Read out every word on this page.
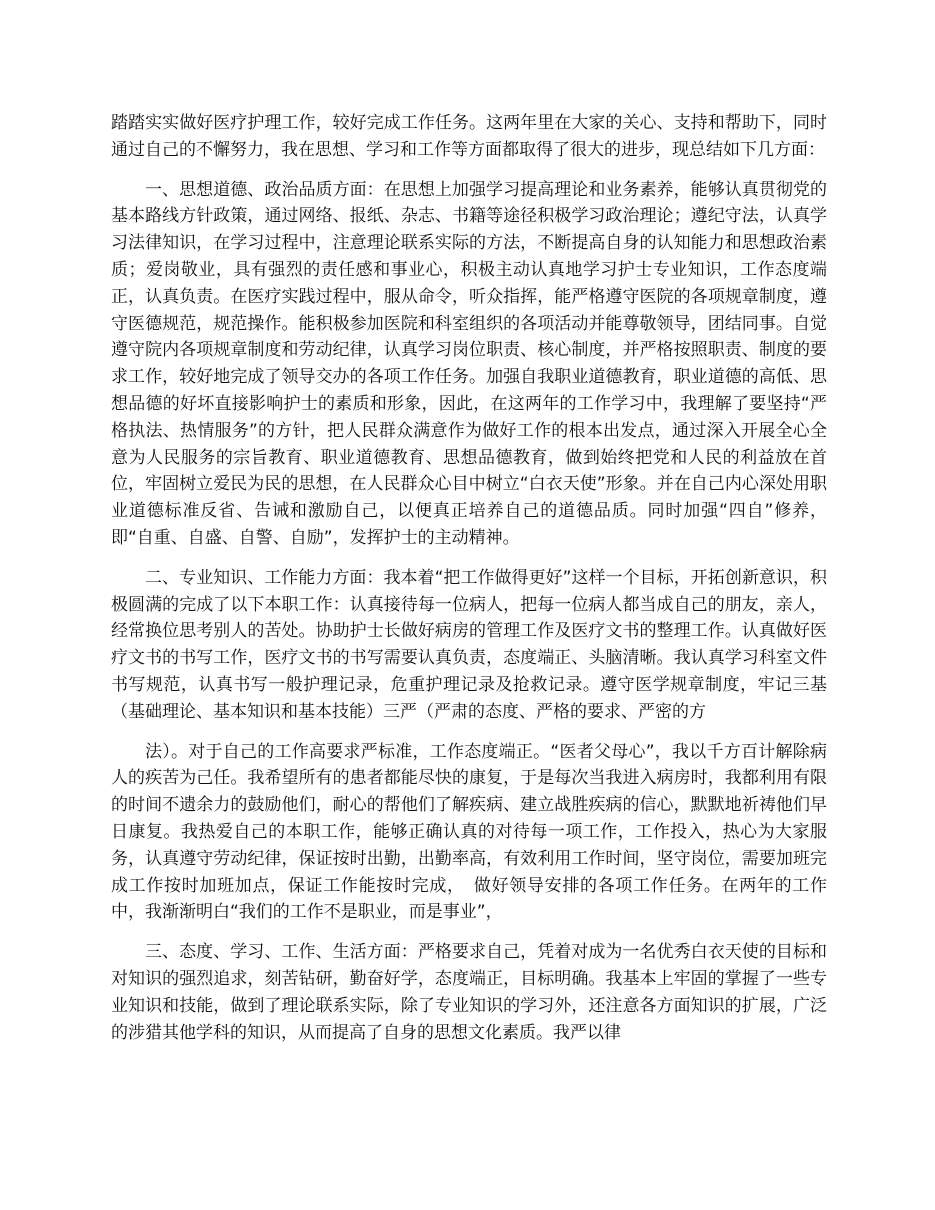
踏踏实实做好医疗护理工作，较好完成工作任务。这两年里在大家的关心、支持和帮助下，同时通过自己的不懈努力，我在思想、学习和工作等方面都取得了很大的进步，现总结如下几方面：

一、思想道德、政治品质方面：在思想上加强学习提高理论和业务素养，能够认真贯彻党的基本路线方针政策，通过网络、报纸、杂志、书籍等途径积极学习政治理论；遵纪守法，认真学习法律知识，在学习过程中，注意理论联系实际的方法，不断提高自身的认知能力和思想政治素质；爱岗敬业，具有强烈的责任感和事业心，积极主动认真地学习护士专业知识，工作态度端正，认真负责。在医疗实践过程中，服从命令，听众指挥，能严格遵守医院的各项规章制度，遵守医德规范，规范操作。能积极参加医院和科室组织的各项活动并能尊敬领导，团结同事。自觉遵守院内各项规章制度和劳动纪律，认真学习岗位职责、核心制度，并严格按照职责、制度的要求工作，较好地完成了领导交办的各项工作任务。加强自我职业道德教育，职业道德的高低、思想品德的好坏直接影响护士的素质和形象，因此，在这两年的工作学习中，我理解了要坚持“严格执法、热情服务”的方针，把人民群众满意作为做好工作的根本出发点，通过深入开展全心全意为人民服务的宗旨教育、职业道德教育、思想品德教育，做到始终把党和人民的利益放在首位，牢固树立爱民为民的思想，在人民群众心目中树立“白衣天使”形象。并在自己内心深处用职业道德标准反省、告诫和激励自己，以便真正培养自己的道德品质。同时加强“四自”修养，即“自重、自盛、自警、自励”，发挥护士的主动精神。

二、专业知识、工作能力方面：我本着“把工作做得更好”这样一个目标，开拓创新意识，积极圆满的完成了以下本职工作：认真接待每一位病人，把每一位病人都当成自己的朋友，亲人，经常换位思考别人的苦处。协助护士长做好病房的管理工作及医疗文书的整理工作。认真做好医疗文书的书写工作，医疗文书的书写需要认真负责，态度端正、头脑清晰。我认真学习科室文件书写规范，认真书写一般护理记录，危重护理记录及抢救记录。遵守医学规章制度，牢记三基（基础理论、基本知识和基本技能）三严（严肃的态度、严格的要求、严密的方

法）。对于自己的工作高要求严标准，工作态度端正。“医者父母心”，我以千方百计解除病人的疾苦为己任。我希望所有的患者都能尽快的康复，于是每次当我进入病房时，我都利用有限的时间不遗余力的鼓励他们，耐心的帮他们了解疾病、建立战胜疾病的信心，默默地祈祷他们早日康复。我热爱自己的本职工作，能够正确认真的对待每一项工作，工作投入，热心为大家服务，认真遵守劳动纪律，保证按时出勤，出勤率高，有效利用工作时间，坚守岗位，需要加班完成工作按时加班加点，保证工作能按时完成，　做好领导安排的各项工作任务。在两年的工作中，我渐渐明白“我们的工作不是职业，而是事业”，

三、态度、学习、工作、生活方面：严格要求自己，凭着对成为一名优秀白衣天使的目标和对知识的强烈追求，刻苦钻研，勤奋好学，态度端正，目标明确。我基本上牢固的掌握了一些专业知识和技能，做到了理论联系实际，除了专业知识的学习外，还注意各方面知识的扩展，广泛的涉猎其他学科的知识，从而提高了自身的思想文化素质。我严以律
